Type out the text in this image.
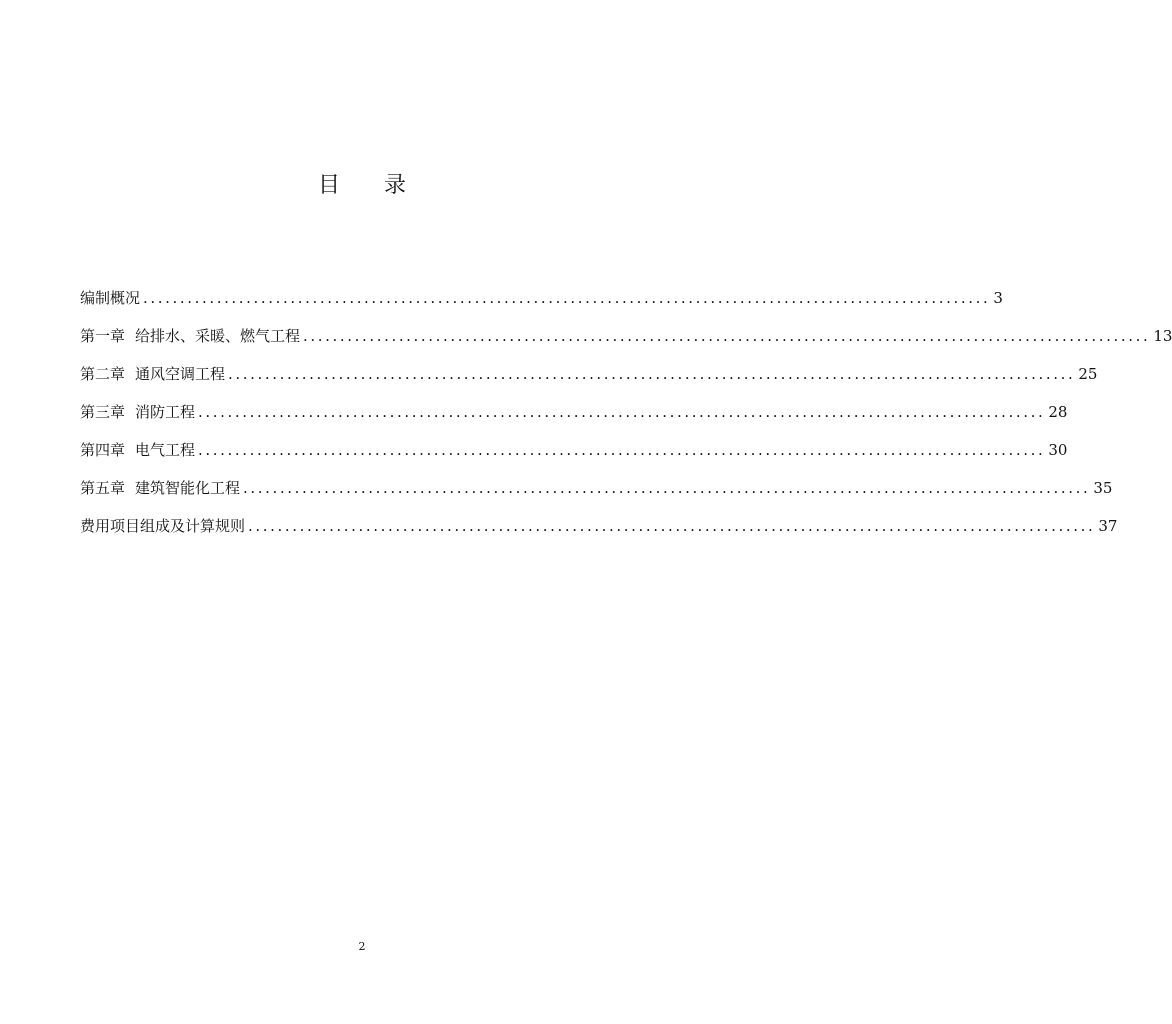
目录
编制概况 ................................................................................................................... 3
第一章 给排水、采暖、燃气工程 ................................................................................................................... 13
第二章 通风空调工程 ................................................................................................................... 25
第三章 消防工程 ................................................................................................................... 28
第四章 电气工程 ................................................................................................................... 30
第五章 建筑智能化工程 ................................................................................................................... 35
费用项目组成及计算规则 ................................................................................................................... 37
2
